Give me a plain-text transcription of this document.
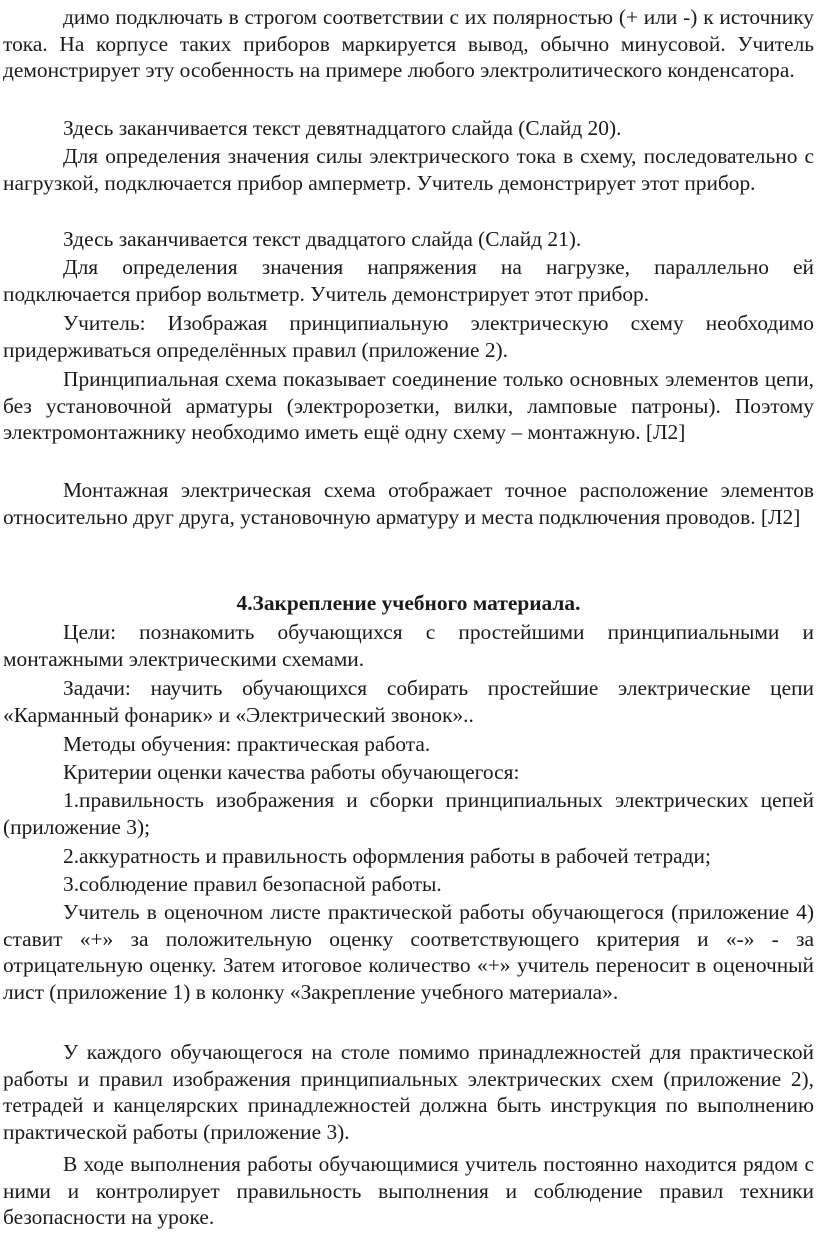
димо подключать в строгом соответствии с их полярностью (+ или -) к источнику тока. На корпусе таких приборов маркируется вывод, обычно минусовой. Учитель демонстрирует эту особенность на примере любого электролитического конденсатора.

Здесь заканчивается текст девятнадцатого слайда (Слайд 20).

Для определения значения силы электрического тока в схему, последовательно с нагрузкой, подключается прибор амперметр. Учитель демонстрирует этот прибор.

Здесь заканчивается текст двадцатого слайда (Слайд 21).

Для определения значения напряжения на нагрузке, параллельно ей подключается прибор вольтметр. Учитель демонстрирует этот прибор.

Учитель: Изображая принципиальную электрическую схему необходимо придерживаться определённых правил (приложение 2).

Принципиальная схема показывает соединение только основных элементов цепи, без установочной арматуры (электророзетки, вилки, ламповые патроны). Поэтому электромонтажнику необходимо иметь ещё одну схему – монтажную. [Л2]

Монтажная электрическая схема отображает точное расположение элементов относительно друг друга, установочную арматуру и места подключения проводов. [Л2]

4.Закрепление учебного материала.

Цели: познакомить обучающихся с простейшими принципиальными и монтажными электрическими схемами.

Задачи: научить обучающихся собирать простейшие электрические цепи «Карманный фонарик» и «Электрический звонок»..

Методы обучения: практическая работа.

Критерии оценки качества работы обучающегося:

1.правильность изображения и сборки принципиальных электрических цепей (приложение 3);

2.аккуратность и правильность оформления работы в рабочей тетради;

3.соблюдение правил безопасной работы.

Учитель в оценочном листе практической работы обучающегося (приложение 4) ставит «+» за положительную оценку соответствующего критерия и «-» - за отрицательную оценку. Затем итоговое количество «+» учитель переносит в оценочный лист (приложение 1) в колонку «Закрепление учебного материала».

У каждого обучающегося на столе помимо принадлежностей для практической работы и правил изображения принципиальных электрических схем (приложение 2), тетрадей и канцелярских принадлежностей должна быть инструкция по выполнению практической работы (приложение 3).

В ходе выполнения работы обучающимися учитель постоянно находится рядом с ними и контролирует правильность выполнения и соблюдение правил техники безопасности на уроке.
